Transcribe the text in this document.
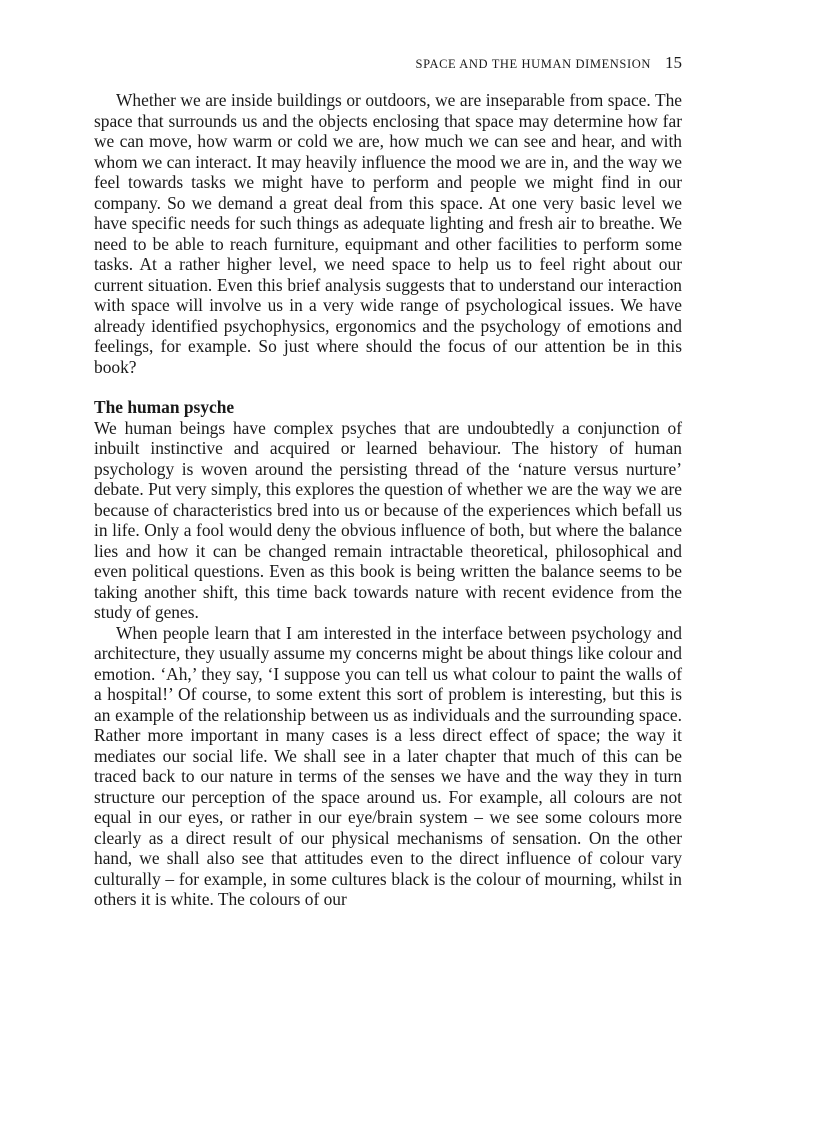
SPACE AND THE HUMAN DIMENSION 15

Whether we are inside buildings or outdoors, we are inseparable from space. The space that surrounds us and the objects enclosing that space may determine how far we can move, how warm or cold we are, how much we can see and hear, and with whom we can interact. It may heavily influence the mood we are in, and the way we feel towards tasks we might have to perform and people we might find in our company. So we demand a great deal from this space. At one very basic level we have specific needs for such things as adequate lighting and fresh air to breathe. We need to be able to reach furniture, equipmant and other facilities to perform some tasks. At a rather higher level, we need space to help us to feel right about our current situation. Even this brief analysis suggests that to understand our interaction with space will involve us in a very wide range of psychological issues. We have already identified psychophysics, ergonomics and the psychology of emotions and feelings, for example. So just where should the focus of our attention be in this book?

The human psyche

We human beings have complex psyches that are undoubtedly a conjunction of inbuilt instinctive and acquired or learned behaviour. The history of human psychology is woven around the persisting thread of the ‘nature versus nurture’ debate. Put very simply, this explores the question of whether we are the way we are because of characteristics bred into us or because of the experiences which befall us in life. Only a fool would deny the obvious influence of both, but where the balance lies and how it can be changed remain intractable theoretical, philosophical and even political questions. Even as this book is being written the balance seems to be taking another shift, this time back towards nature with recent evidence from the study of genes.

When people learn that I am interested in the interface between psychology and architecture, they usually assume my concerns might be about things like colour and emotion. ‘Ah,’ they say, ‘I suppose you can tell us what colour to paint the walls of a hospital!’ Of course, to some extent this sort of problem is interesting, but this is an example of the relationship between us as individuals and the surrounding space. Rather more important in many cases is a less direct effect of space; the way it mediates our social life. We shall see in a later chapter that much of this can be traced back to our nature in terms of the senses we have and the way they in turn structure our perception of the space around us. For example, all colours are not equal in our eyes, or rather in our eye/brain system – we see some colours more clearly as a direct result of our physical mechanisms of sensation. On the other hand, we shall also see that attitudes even to the direct influence of colour vary culturally – for example, in some cultures black is the colour of mourning, whilst in others it is white. The colours of our
